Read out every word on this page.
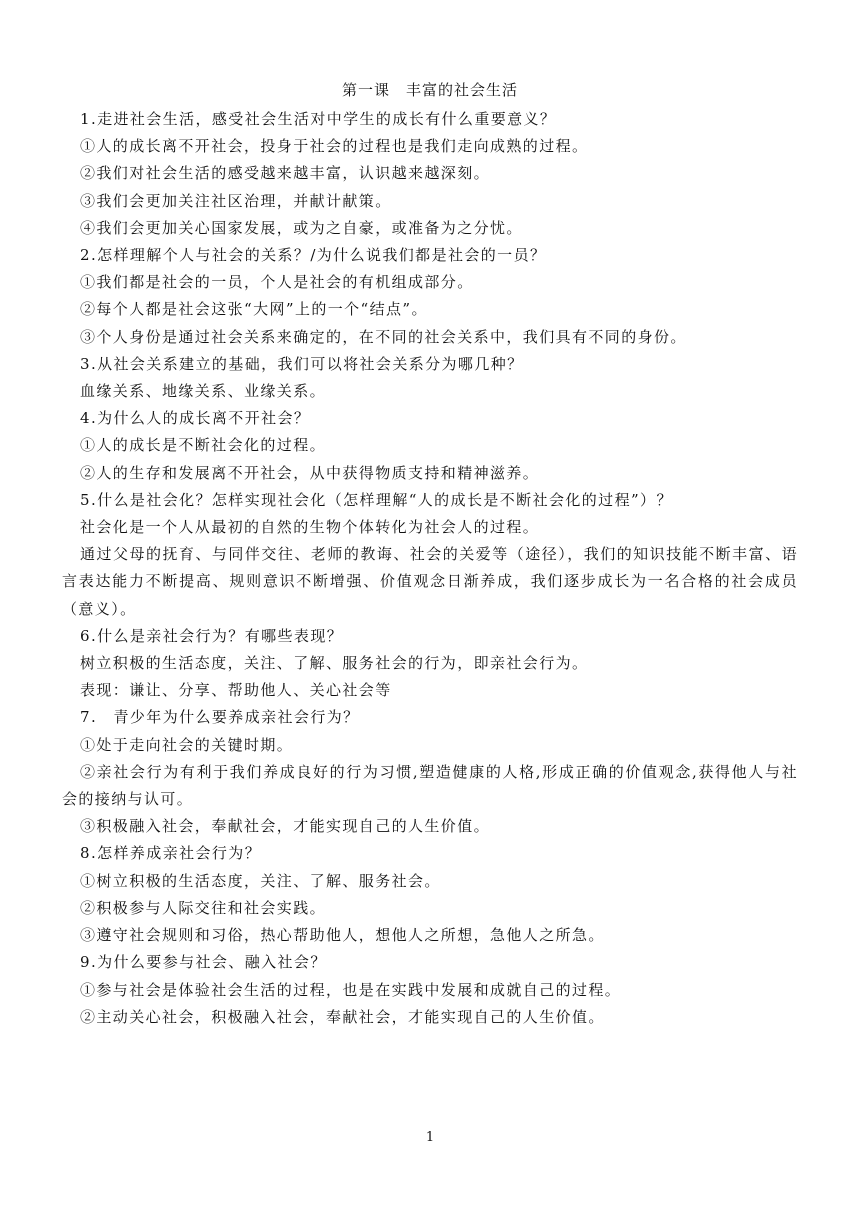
第一课　丰富的社会生活
1.走进社会生活，感受社会生活对中学生的成长有什么重要意义？
①人的成长离不开社会，投身于社会的过程也是我们走向成熟的过程。
②我们对社会生活的感受越来越丰富，认识越来越深刻。
③我们会更加关注社区治理，并献计献策。
④我们会更加关心国家发展，或为之自豪，或准备为之分忧。
2.怎样理解个人与社会的关系？/为什么说我们都是社会的一员？
①我们都是社会的一员，个人是社会的有机组成部分。
②每个人都是社会这张“大网”上的一个“结点”。
③个人身份是通过社会关系来确定的，在不同的社会关系中，我们具有不同的身份。
3.从社会关系建立的基础，我们可以将社会关系分为哪几种？
血缘关系、地缘关系、业缘关系。
4.为什么人的成长离不开社会？
①人的成长是不断社会化的过程。
②人的生存和发展离不开社会，从中获得物质支持和精神滋养。
5.什么是社会化？怎样实现社会化（怎样理解“人的成长是不断社会化的过程”）？
社会化是一个人从最初的自然的生物个体转化为社会人的过程。
通过父母的抚育、与同伴交往、老师的教诲、社会的关爱等（途径），我们的知识技能不断丰富、语言表达能力不断提高、规则意识不断增强、价值观念日渐养成，我们逐步成长为一名合格的社会成员（意义）。
6.什么是亲社会行为？有哪些表现？
树立积极的生活态度，关注、了解、服务社会的行为，即亲社会行为。
表现：谦让、分享、帮助他人、关心社会等
7.　青少年为什么要养成亲社会行为？
①处于走向社会的关键时期。
②亲社会行为有利于我们养成良好的行为习惯,塑造健康的人格,形成正确的价值观念,获得他人与社会的接纳与认可。
③积极融入社会，奉献社会，才能实现自己的人生价值。
8.怎样养成亲社会行为？
①树立积极的生活态度，关注、了解、服务社会。
②积极参与人际交往和社会实践。
③遵守社会规则和习俗，热心帮助他人，想他人之所想，急他人之所急。
9.为什么要参与社会、融入社会？
①参与社会是体验社会生活的过程，也是在实践中发展和成就自己的过程。
②主动关心社会，积极融入社会，奉献社会，才能实现自己的人生价值。
1
